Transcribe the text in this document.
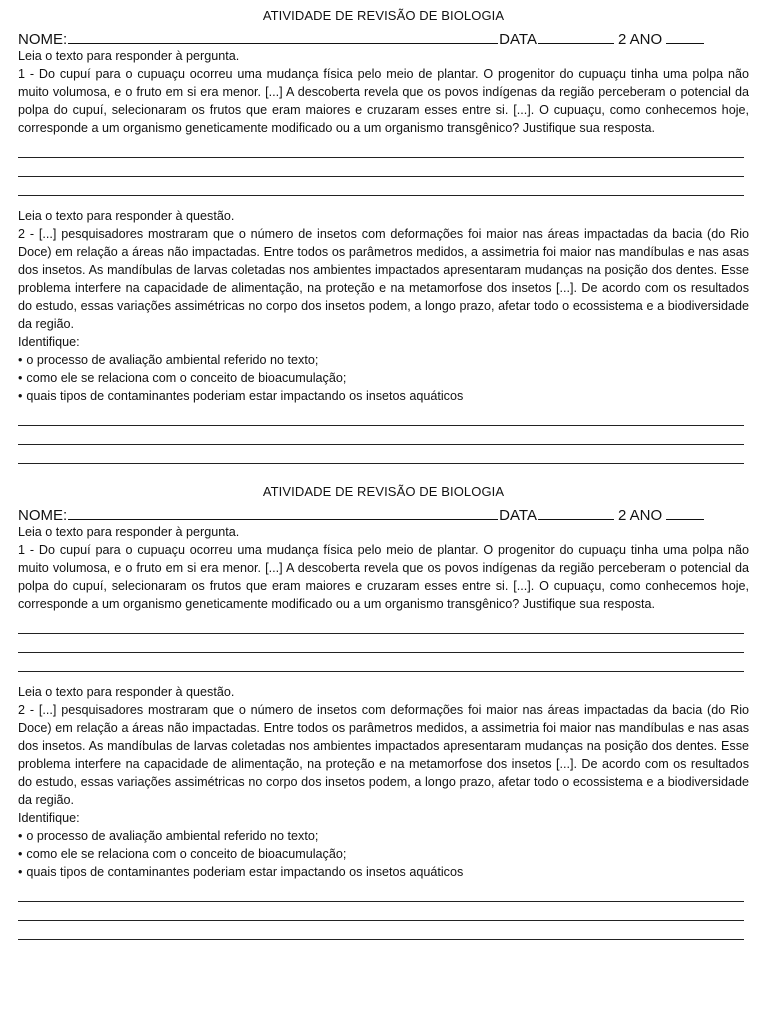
ATIVIDADE DE REVISÃO DE BIOLOGIA
NOME:	DATA	2 ANO

Leia o texto para responder à pergunta.

1 - Do cupuí para o cupuaçu ocorreu uma mudança física pelo meio de plantar. O progenitor do cupuaçu tinha uma polpa não muito volumosa, e o fruto em si era menor. [...] A descoberta revela que os povos indígenas da região perceberam o potencial da polpa do cupuí, selecionaram os frutos que eram maiores e cruzaram esses entre si. [...]. O cupuaçu, como conhecemos hoje, corresponde a um organismo geneticamente modificado ou a um organismo transgênico? Justifique sua resposta.

Leia o texto para responder à questão.

2 - [...] pesquisadores mostraram que o número de insetos com deformações foi maior nas áreas impactadas da bacia (do Rio Doce) em relação a áreas não impactadas. Entre todos os parâmetros medidos, a assimetria foi maior nas mandíbulas e nas asas dos insetos. As mandíbulas de larvas coletadas nos ambientes impactados apresentaram mudanças na posição dos dentes. Esse problema interfere na capacidade de alimentação, na proteção e na metamorfose dos insetos [...]. De acordo com os resultados do estudo, essas variações assimétricas no corpo dos insetos podem, a longo prazo, afetar todo o ecossistema e a biodiversidade da região.

Identifique:

• o processo de avaliação ambiental referido no texto;
• como ele se relaciona com o conceito de bioacumulação;
• quais tipos de contaminantes poderiam estar impactando os insetos aquáticos
ATIVIDADE DE REVISÃO DE BIOLOGIA
NOME:	DATA	2 ANO

Leia o texto para responder à pergunta.

1 - Do cupuí para o cupuaçu ocorreu uma mudança física pelo meio de plantar. O progenitor do cupuaçu tinha uma polpa não muito volumosa, e o fruto em si era menor. [...] A descoberta revela que os povos indígenas da região perceberam o potencial da polpa do cupuí, selecionaram os frutos que eram maiores e cruzaram esses entre si. [...]. O cupuaçu, como conhecemos hoje, corresponde a um organismo geneticamente modificado ou a um organismo transgênico? Justifique sua resposta.

Leia o texto para responder à questão.

2 - [...] pesquisadores mostraram que o número de insetos com deformações foi maior nas áreas impactadas da bacia (do Rio Doce) em relação a áreas não impactadas. Entre todos os parâmetros medidos, a assimetria foi maior nas mandíbulas e nas asas dos insetos. As mandíbulas de larvas coletadas nos ambientes impactados apresentaram mudanças na posição dos dentes. Esse problema interfere na capacidade de alimentação, na proteção e na metamorfose dos insetos [...]. De acordo com os resultados do estudo, essas variações assimétricas no corpo dos insetos podem, a longo prazo, afetar todo o ecossistema e a biodiversidade da região.

Identifique:

• o processo de avaliação ambiental referido no texto;
• como ele se relaciona com o conceito de bioacumulação;
• quais tipos de contaminantes poderiam estar impactando os insetos aquáticos
